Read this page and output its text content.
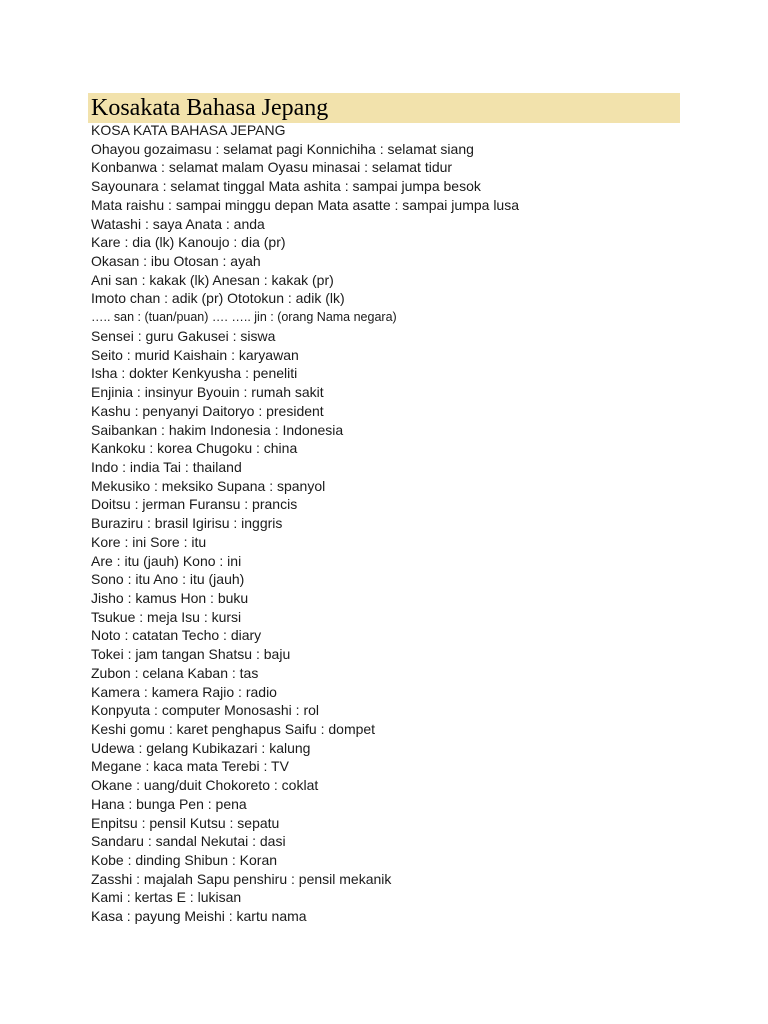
Kosakata Bahasa Jepang
KOSA KATA BAHASA JEPANG
Ohayou gozaimasu : selamat pagi Konnichiha : selamat siang
Konbanwa : selamat malam Oyasu minasai : selamat tidur
Sayounara : selamat tinggal Mata ashita : sampai jumpa besok
Mata raishu : sampai minggu depan Mata asatte : sampai jumpa lusa
Watashi : saya Anata : anda
Kare : dia (lk) Kanoujo : dia (pr)
Okasan : ibu Otosan : ayah
Ani san : kakak (lk) Anesan : kakak (pr)
Imoto chan : adik (pr) Ototokun : adik (lk)
….. san : (tuan/puan) …. ….. jin : (orang Nama negara)
Sensei : guru Gakusei : siswa
Seito : murid Kaishain : karyawan
Isha : dokter Kenkyusha : peneliti
Enjinia : insinyur Byouin : rumah sakit
Kashu : penyanyi Daitoryo : president
Saibankan : hakim Indonesia : Indonesia
Kankoku : korea Chugoku : china
Indo : india Tai : thailand
Mekusiko : meksiko Supana : spanyol
Doitsu : jerman Furansu : prancis
Buraziru : brasil Igirisu : inggris
Kore : ini Sore : itu
Are : itu (jauh) Kono : ini
Sono : itu Ano : itu (jauh)
Jisho : kamus Hon : buku
Tsukue : meja Isu : kursi
Noto : catatan Techo : diary
Tokei : jam tangan Shatsu : baju
Zubon : celana Kaban : tas
Kamera : kamera Rajio : radio
Konpyuta : computer Monosashi : rol
Keshi gomu : karet penghapus Saifu : dompet
Udewa : gelang Kubikazari : kalung
Megane : kaca mata Terebi : TV
Okane : uang/duit Chokoreto : coklat
Hana : bunga Pen : pena
Enpitsu : pensil Kutsu : sepatu
Sandaru : sandal Nekutai : dasi
Kobe : dinding Shibun : Koran
Zasshi : majalah Sapu penshiru : pensil mekanik
Kami : kertas E : lukisan
Kasa : payung Meishi : kartu nama
